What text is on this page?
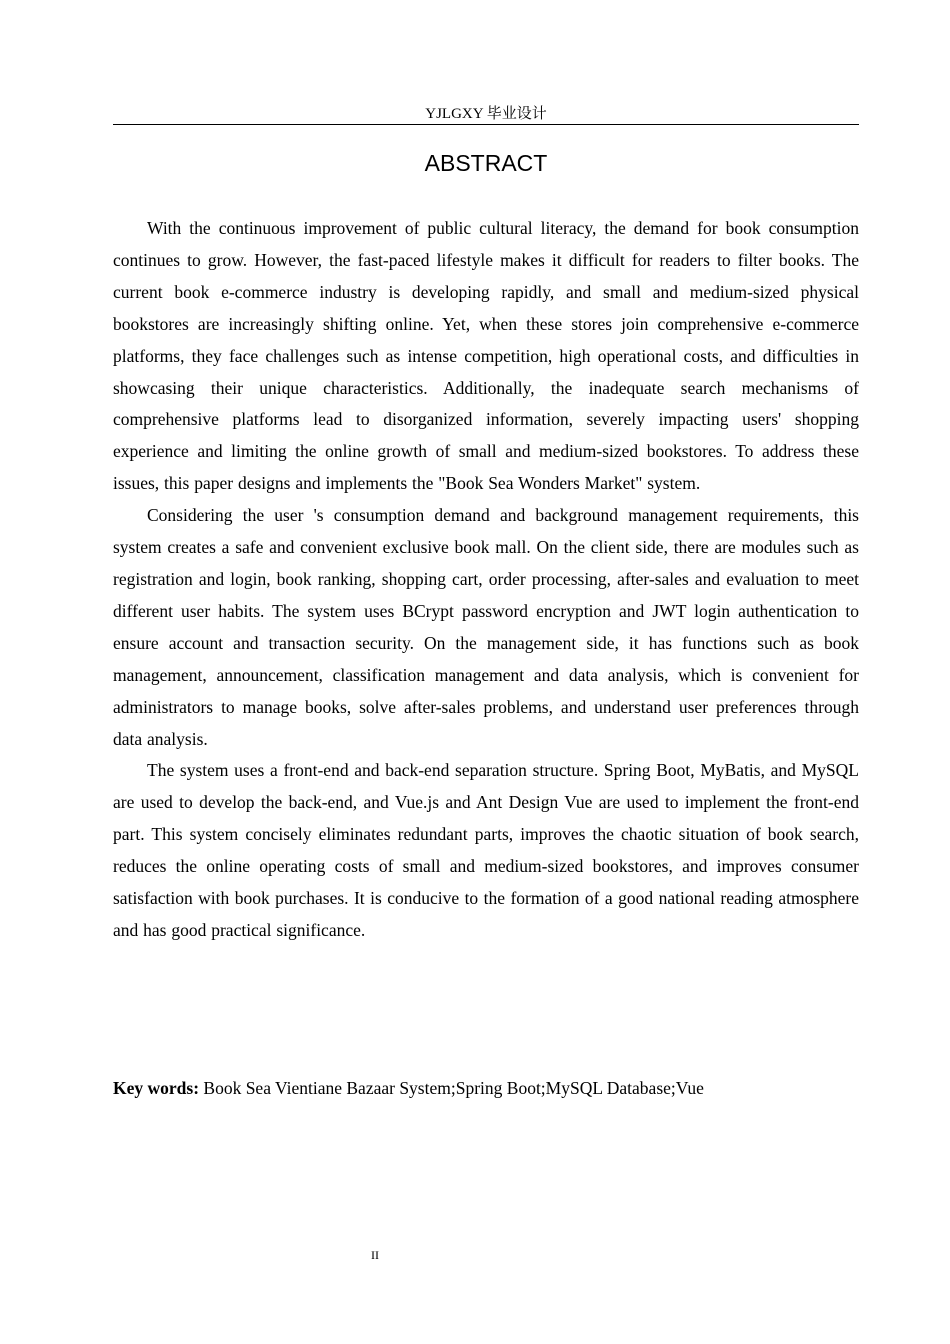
YJLGXY 毕业设计
ABSTRACT

With the continuous improvement of public cultural literacy, the demand for book consumption continues to grow. However, the fast-paced lifestyle makes it difficult for readers to filter books. The current book e-commerce industry is developing rapidly, and small and medium-sized physical bookstores are increasingly shifting online. Yet, when these stores join comprehensive e-commerce platforms, they face challenges such as intense competition, high operational costs, and difficulties in showcasing their unique characteristics. Additionally, the inadequate search mechanisms of comprehensive platforms lead to disorganized information, severely impacting users' shopping experience and limiting the online growth of small and medium-sized bookstores. To address these issues, this paper designs and implements the "Book Sea Wonders Market" system.

Considering the user 's consumption demand and background management requirements, this system creates a safe and convenient exclusive book mall. On the client side, there are modules such as registration and login, book ranking, shopping cart, order processing, after-sales and evaluation to meet different user habits. The system uses BCrypt password encryption and JWT login authentication to ensure account and transaction security. On the management side, it has functions such as book management, announcement, classification management and data analysis, which is convenient for administrators to manage books, solve after-sales problems, and understand user preferences through data analysis.

The system uses a front-end and back-end separation structure. Spring Boot, MyBatis, and MySQL are used to develop the back-end, and Vue.js and Ant Design Vue are used to implement the front-end part. This system concisely eliminates redundant parts, improves the chaotic situation of book search, reduces the online operating costs of small and medium-sized bookstores, and improves consumer satisfaction with book purchases. It is conducive to the formation of a good national reading atmosphere and has good practical significance.

Key words: Book Sea Vientiane Bazaar System;Spring Boot;MySQL Database;Vue
II
